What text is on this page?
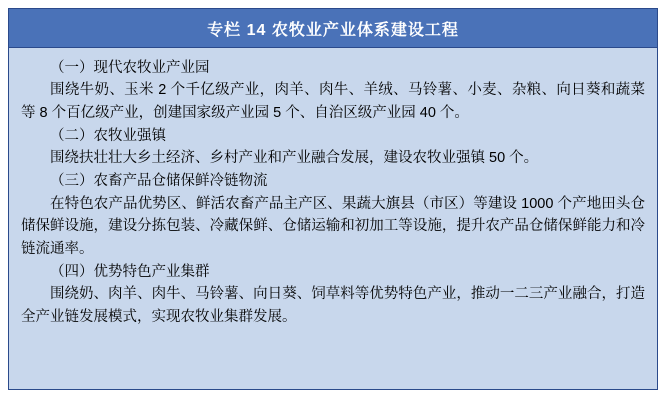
专栏 14 农牧业产业体系建设工程
（一）现代农牧业产业园
围绕牛奶、玉米 2 个千亿级产业，肉羊、肉牛、羊绒、马铃薯、小麦、杂粮、向日葵和蔬菜等 8 个百亿级产业，创建国家级产业园 5 个、自治区级产业园 40 个。
（二）农牧业强镇
围绕扶壮壮大乡土经济、乡村产业和产业融合发展，建设农牧业强镇 50 个。
（三）农畜产品仓储保鲜冷链物流
在特色农产品优势区、鲜活农畜产品主产区、果蔬大旗县（市区）等建设 1000 个产地田头仓储保鲜设施，建设分拣包装、冷藏保鲜、仓储运输和初加工等设施，提升农产品仓储保鲜能力和冷链流通率。
（四）优势特色产业集群
围绕奶、肉羊、肉牛、马铃薯、向日葵、饲草料等优势特色产业，推动一二三产业融合，打造全产业链发展模式，实现农牧业集群发展。
